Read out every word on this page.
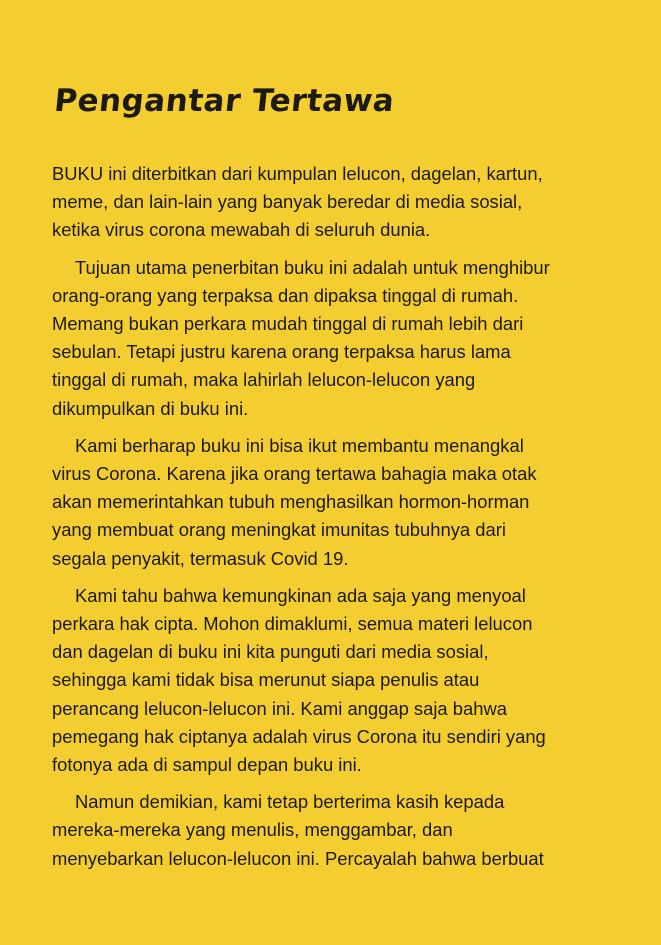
Pengantar Tertawa

BUKU ini diterbitkan dari kumpulan lelucon, dagelan, kartun,
meme, dan lain-lain yang banyak beredar di media sosial,
ketika virus corona mewabah di seluruh dunia.

Tujuan utama penerbitan buku ini adalah untuk menghibur
orang-orang yang terpaksa dan dipaksa tinggal di rumah.
Memang bukan perkara mudah tinggal di rumah lebih dari
sebulan. Tetapi justru karena orang terpaksa harus lama
tinggal di rumah, maka lahirlah lelucon-lelucon yang
dikumpulkan di buku ini.

Kami berharap buku ini bisa ikut membantu menangkal
virus Corona. Karena jika orang tertawa bahagia maka otak
akan memerintahkan tubuh menghasilkan hormon-horman
yang membuat orang meningkat imunitas tubuhnya dari
segala penyakit, termasuk Covid 19.

Kami tahu bahwa kemungkinan ada saja yang menyoal
perkara hak cipta. Mohon dimaklumi, semua materi lelucon
dan dagelan di buku ini kita punguti dari media sosial,
sehingga kami tidak bisa merunut siapa penulis atau
perancang lelucon-lelucon ini. Kami anggap saja bahwa
pemegang hak ciptanya adalah virus Corona itu sendiri yang
fotonya ada di sampul depan buku ini.

Namun demikian, kami tetap berterima kasih kepada
mereka-mereka yang menulis, menggambar, dan
menyebarkan lelucon-lelucon ini. Percayalah bahwa berbuat
